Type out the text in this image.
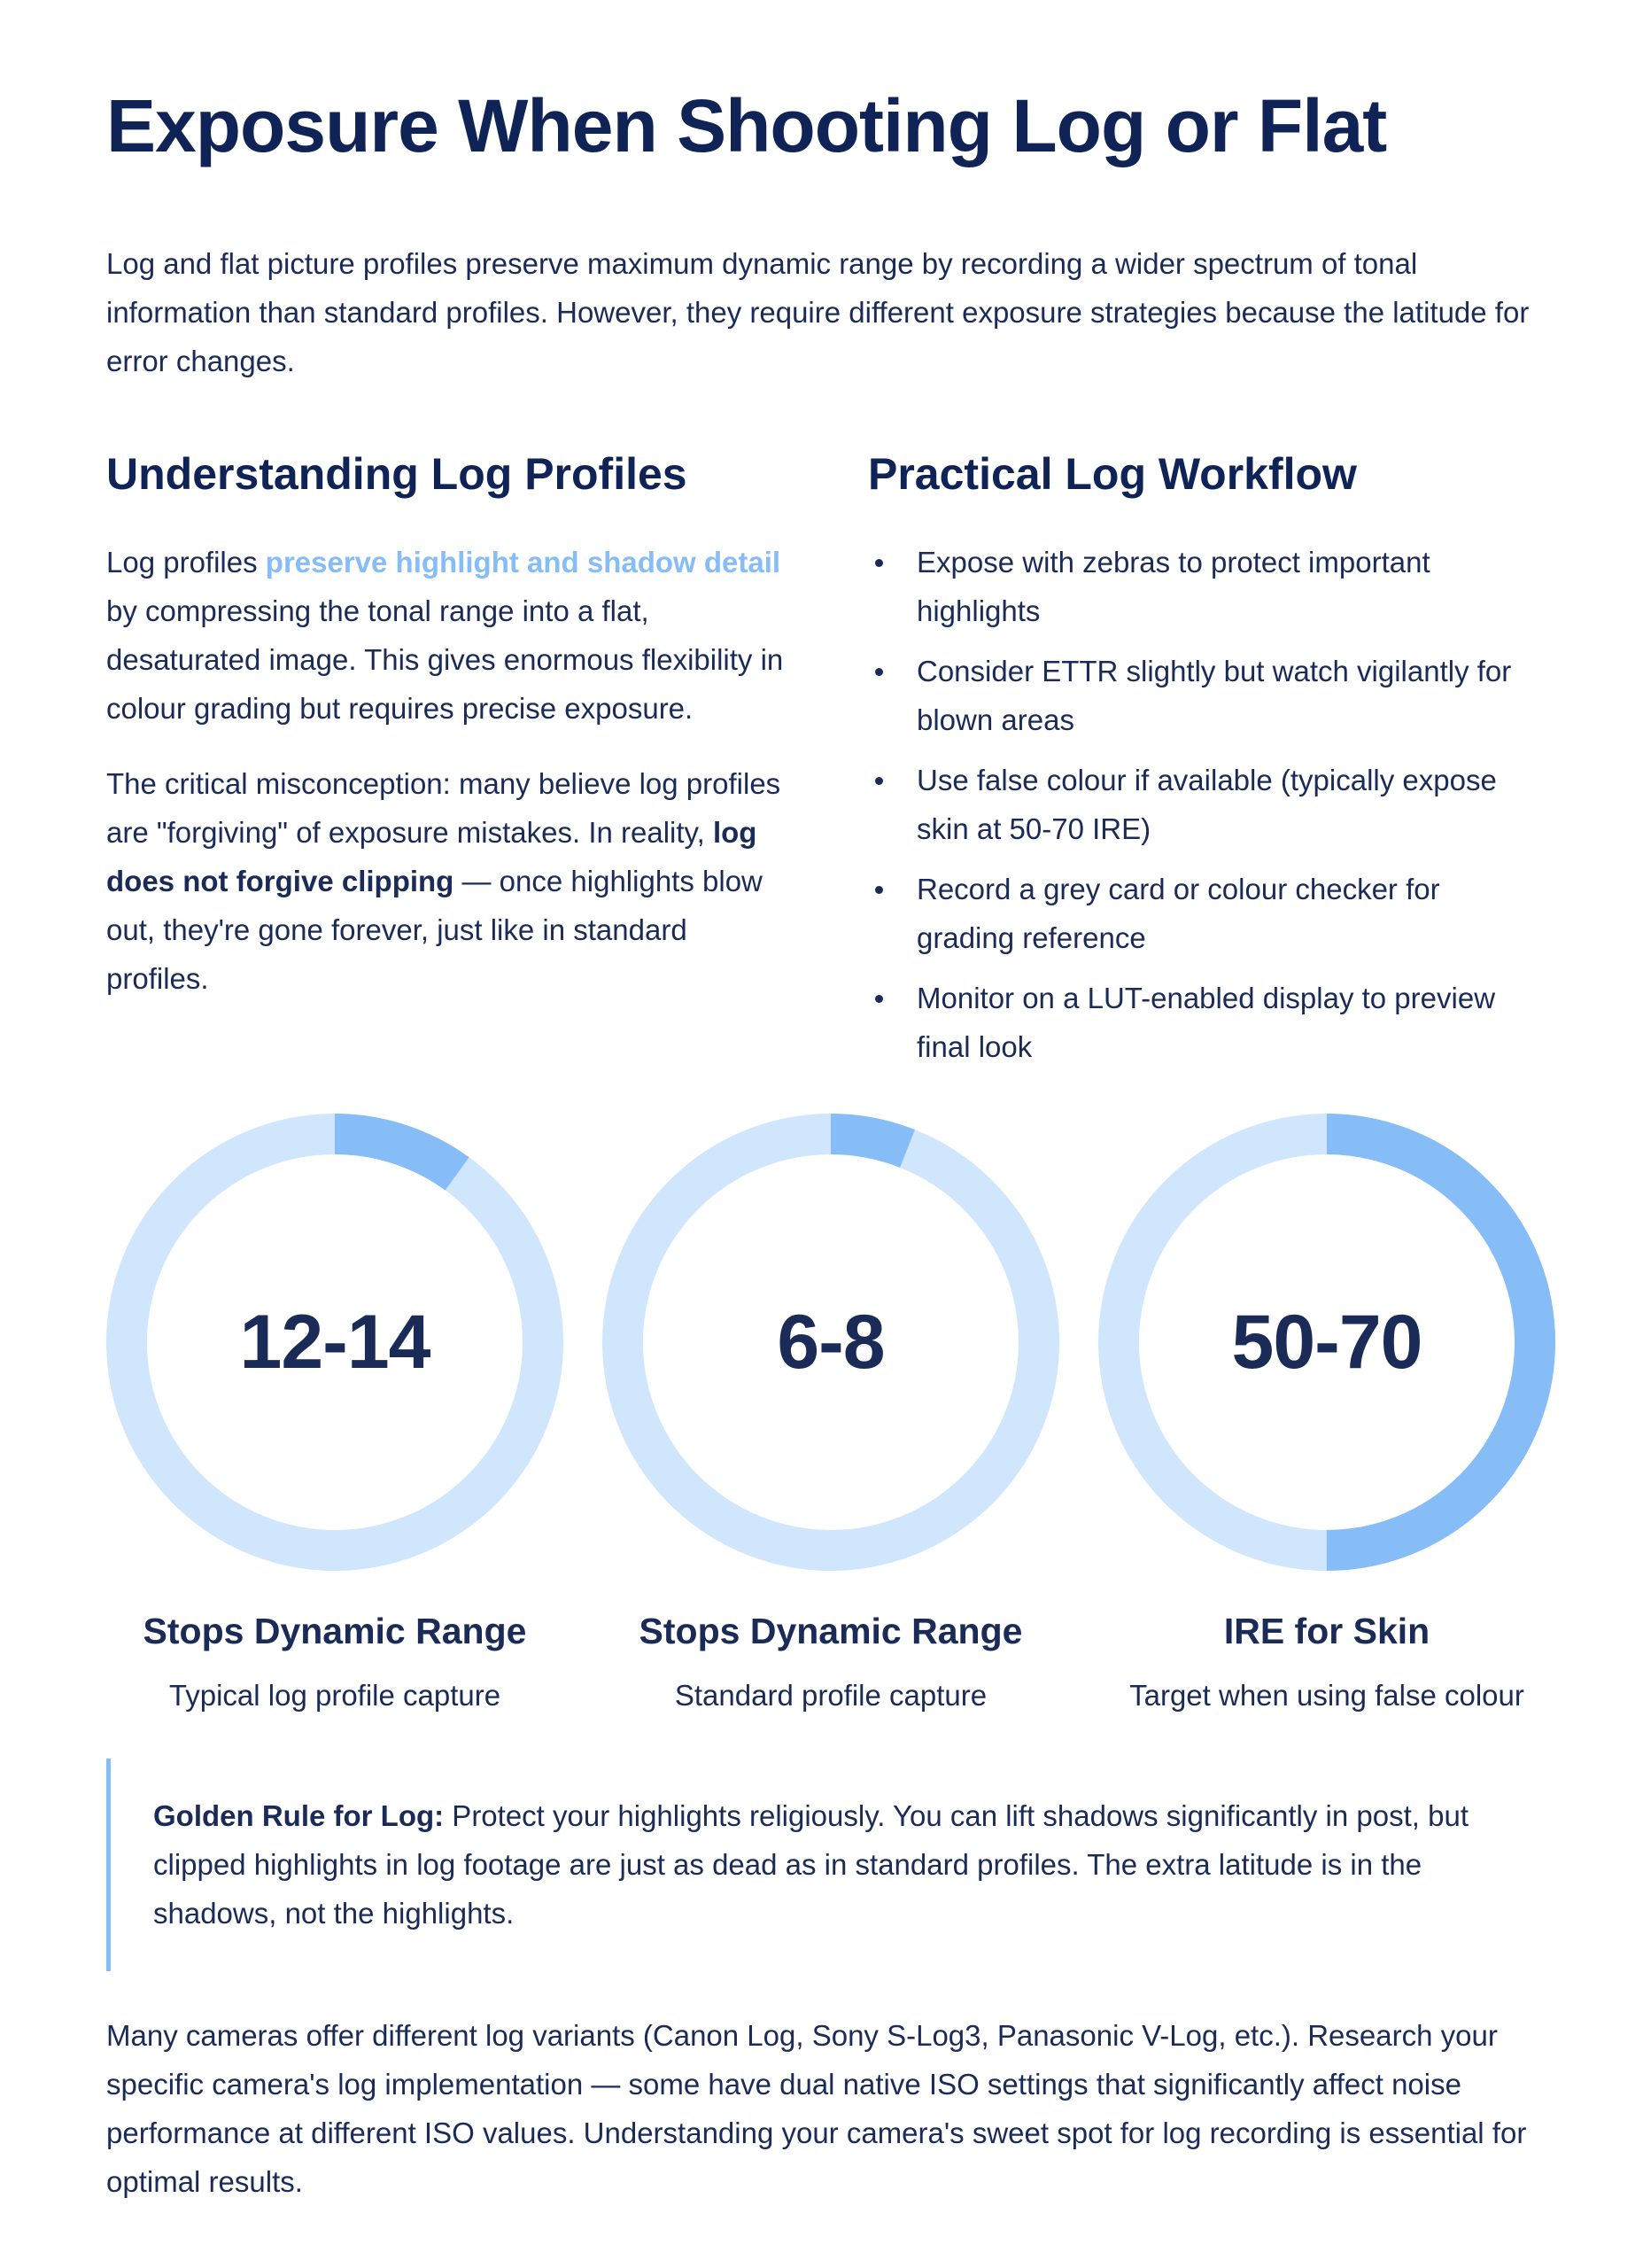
Exposure When Shooting Log or Flat

Log and flat picture profiles preserve maximum dynamic range by recording a wider spectrum of tonal information than standard profiles. However, they require different exposure strategies because the latitude for error changes.

Understanding Log Profiles

Log profiles preserve highlight and shadow detail by compressing the tonal range into a flat, desaturated image. This gives enormous flexibility in colour grading but requires precise exposure.

The critical misconception: many believe log profiles are "forgiving" of exposure mistakes. In reality, log does not forgive clipping — once highlights blow out, they're gone forever, just like in standard profiles.

Practical Log Workflow
Expose with zebras to protect important highlights
Consider ETTR slightly but watch vigilantly for blown areas
Use false colour if available (typically expose skin at 50-70 IRE)
Record a grey card or colour checker for grading reference
Monitor on a LUT-enabled display to preview final look
12-14
Stops Dynamic Range
Typical log profile capture
6-8
Stops Dynamic Range
Standard profile capture
50-70
IRE for Skin
Target when using false colour

Golden Rule for Log: Protect your highlights religiously. You can lift shadows significantly in post, but clipped highlights in log footage are just as dead as in standard profiles. The extra latitude is in the shadows, not the highlights.

Many cameras offer different log variants (Canon Log, Sony S-Log3, Panasonic V-Log, etc.). Research your specific camera's log implementation — some have dual native ISO settings that significantly affect noise performance at different ISO values. Understanding your camera's sweet spot for log recording is essential for optimal results.
